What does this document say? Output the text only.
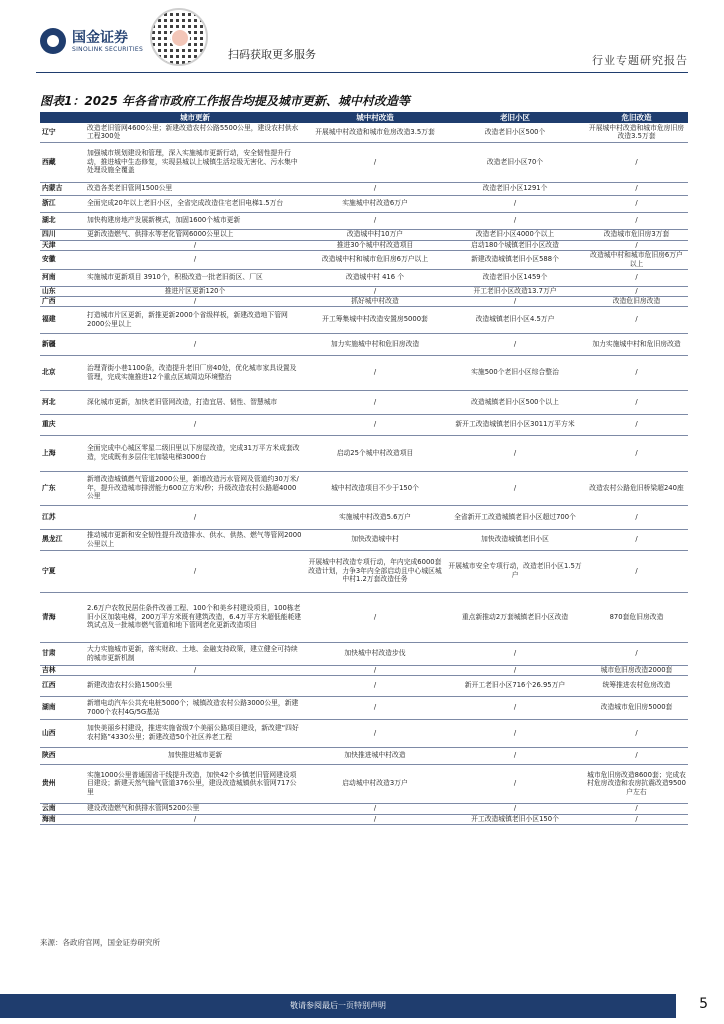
国金证券
SINOLINK SECURITIES	扫码获取更多服务	行业专题研究报告
图表1：2025 年各省市政府工作报告均提及城市更新、城中村改造等
	城市更新	城中村改造	老旧小区	危旧改造
辽宁	改造老旧管网4600公里；新建改造农村公路5500公里，建设农村供水工程300处	开展城中村改造和城市危房改造3.5万套	改造老旧小区500个	开展城中村改造和城市危房旧房改造3.5万套
西藏	加强城市规划建设和管理，深入实施城市更新行动，安全韧性提升行动，推进城中生态修复，实现县城以上城镇生活垃圾无害化、污水集中处理设施全覆盖	/	改造老旧小区70个	/
内蒙古	改造各类老旧管网1500公里	/	改造老旧小区1291个	/
浙江	全面完成20年以上老旧小区，全省完成改造住宅老旧电梯1.5万台	实施城中村改造6万户	/	/
湖北	加快构建房地产发展新模式，加固1600个城市更新	/	/	/
四川	更新改造燃气、供排水等老化管网6000公里以上	改造城中村10万户	改造老旧小区4000个以上	改造城市危旧房3万套
天津	/	推进30个城中村改造项目	启动180个城镇老旧小区改造	/
安徽	/	改造城中村和城市危旧房6万户以上	新建改造城镇老旧小区588个	改造城中村和城市危旧房6万户以上
河南	实施城市更新项目 3910个，积极改造一批老旧街区、厂区	改造城中村 416 个	改造老旧小区1459个	/
山东	推进片区更新120个	/	开工老旧小区改造13.7万户	/
广西	/	抓好城中村改造	/	改造危旧房改造
福建	打造城市片区更新，新推更新2000个省级样板，新建改造地下管网2000公里以上	开工筹集城中村改造安置房5000套	改造城镇老旧小区4.5万户	/
新疆	/	加力实施城中村和危旧房改造	/	加力实施城中村和危旧房改造
北京	治理背街小巷1100条，改造提升老旧厂房40处，优化城市家具设置及管理，完成实施推进12个重点区域周边环境整治	/	实施500个老旧小区综合整治	/
河北	深化城市更新，加快老旧管网改造，打造宜居、韧性、智慧城市	/	改造城镇老旧小区500个以上	/
重庆	/	/	新开工改造城镇老旧小区3011万平方米	/
上海	全面完成中心城区零星二级旧里以下房屋改造，完成31万平方米成套改造，完成既有多层住宅加装电梯3000台	启动25个城中村改造项目	/	/
广东	新增改造城镇燃气管道2000公里，新增改造污水管网及管道约30万米/年，提升改造城市排涝能力600立方米/秒；升级改造农村公路超4000公里	城中村改造项目不少于150个	/	改造农村公路危旧桥梁超240座
江苏	/	实施城中村改造5.6万户	全省新开工改造城镇老旧小区超过700个	/
黑龙江	推动城市更新和安全韧性提升改造排水、供水、供热、燃气等管网2000公里以上	加快改造城中村	加快改造城镇老旧小区	/
宁夏	/	开展城中村改造专项行动，年内完成6000套改造计划，力争3年内全部启动且中心城区城中村1.2万套改造任务	开展城市安全专项行动，改造老旧小区1.5万户	/
青海	2.6万户农牧民居住条件改善工程、100个和美乡村建设项目，100栋老旧小区加装电梯，200万平方米既有建筑改造，6.4万平方米超低能耗建筑试点及一批城市燃气管道和地下管网老化更新改造项目	/	重点新推动2万套城镇老旧小区改造	870套危旧房改造
甘肃	大力实施城市更新，落实财政、土地、金融支持政策，建立健全可持续的城市更新机制	加快城中村改造步伐	/	/
吉林	/	/	/	城市危旧房改造2000套
江西	新建改造农村公路1500公里	/	新开工老旧小区716个26.95万户	统筹推进农村危房改造
湖南	新增电动汽车公共充电桩5000个；城镇改造农村公路3000公里，新建7000个农村4G/5G基站	/	/	改造城市危旧房5000套
山西	加快美丽乡村建设，推进实施省级7个美丽公路项目建设，新改建“四好农村路”4330公里；新建改造50个社区养老工程	/	/	/
陕西	加快推进城市更新	加快推进城中村改造	/	/
贵州	实施1000公里普通国省干线提升改造，加快42个乡镇老旧管网建设项目建设；新建天然气输气管道376公里，建设改造城镇供水管网717公里	启动城中村改造3万户	/	城市危旧房改造8600套；完成农村危房改造和农房抗震改造9500户左右
云南	建设改造燃气和供排水管网5200公里	/	/	/
海南	/	/	开工改造城镇老旧小区150个	/
来源：各政府官网，国金证券研究所
敬请参阅最后一页特别声明	5
